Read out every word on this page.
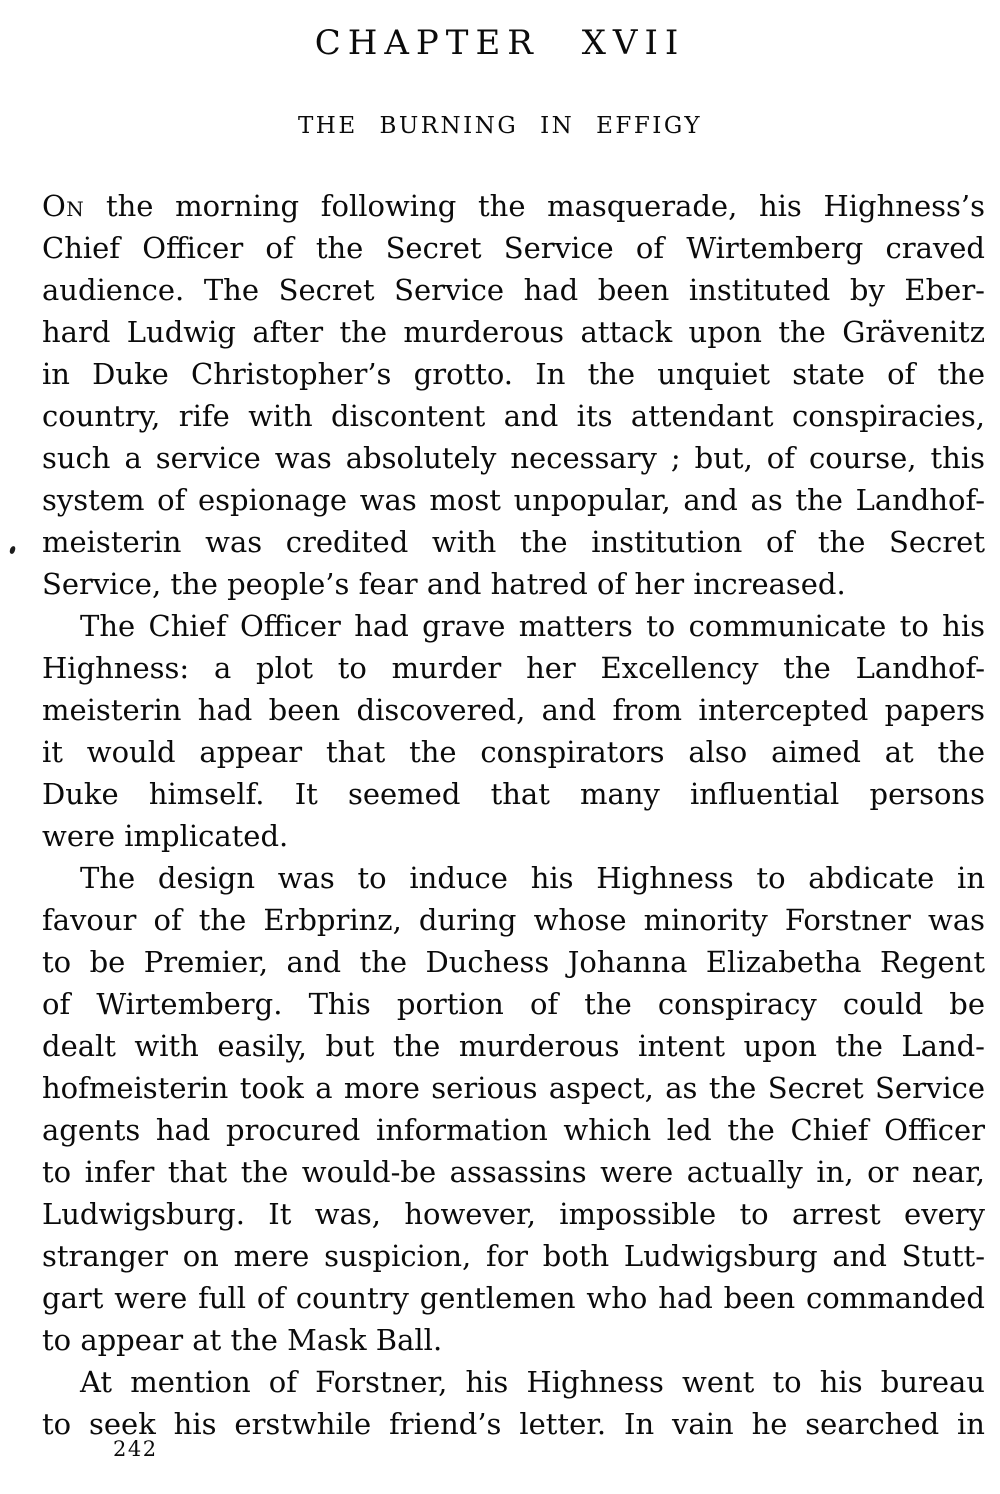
CHAPTER XVII
THE BURNING IN EFFIGY
On the morning following the masquerade, his Highness’s
Chief Officer of the Secret Service of Wirtemberg craved
audience. The Secret Service had been instituted by Eber-
hard Ludwig after the murderous attack upon the Grävenitz
in Duke Christopher’s grotto. In the unquiet state of the
country, rife with discontent and its attendant conspiracies,
such a service was absolutely necessary ; but, of course, this
system of espionage was most unpopular, and as the Landhof-
meisterin was credited with the institution of the Secret
Service, the people’s fear and hatred of her increased.
The Chief Officer had grave matters to communicate to his
Highness: a plot to murder her Excellency the Landhof-
meisterin had been discovered, and from intercepted papers
it would appear that the conspirators also aimed at the
Duke himself. It seemed that many influential persons
were implicated.
The design was to induce his Highness to abdicate in
favour of the Erbprinz, during whose minority Forstner was
to be Premier, and the Duchess Johanna Elizabetha Regent
of Wirtemberg. This portion of the conspiracy could be
dealt with easily, but the murderous intent upon the Land-
hofmeisterin took a more serious aspect, as the Secret Service
agents had procured information which led the Chief Officer
to infer that the would-be assassins were actually in, or near,
Ludwigsburg. It was, however, impossible to arrest every
stranger on mere suspicion, for both Ludwigsburg and Stutt-
gart were full of country gentlemen who had been commanded
to appear at the Mask Ball.
At mention of Forstner, his Highness went to his bureau
to seek his erstwhile friend’s letter. In vain he searched in
242
